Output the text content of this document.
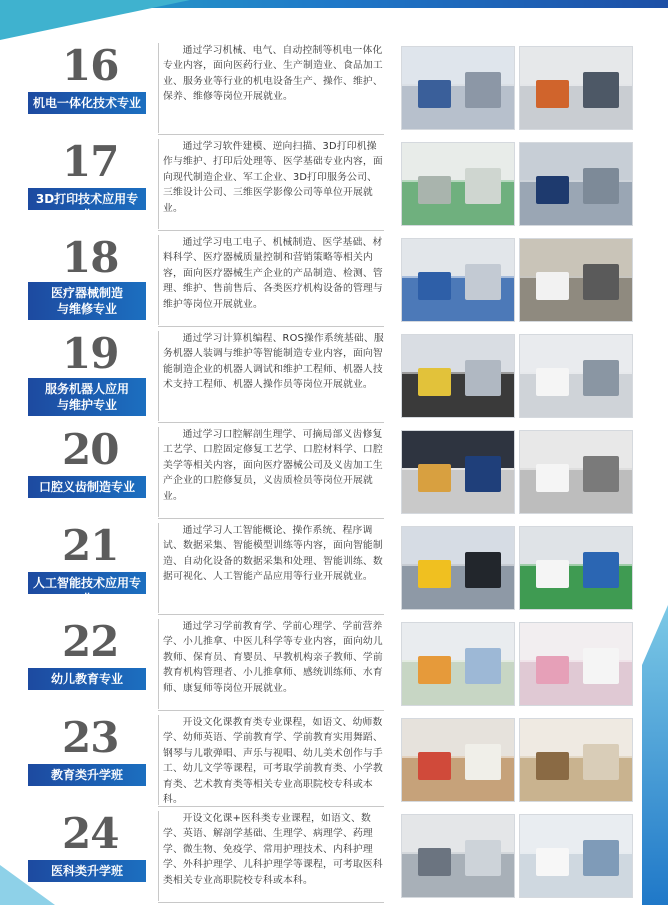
16
机电一体化技术专业
通过学习机械、电气、自动控制等机电一体化专业内容，面向医药行业、生产制造业、食品加工业、服务业等行业的机电设备生产、操作、维护、保养、维修等岗位开展就业。
17
3D打印技术应用专业
通过学习软件建模、逆向扫描、3D打印机操作与维护、打印后处理等、医学基础专业内容，面向现代制造企业、军工企业、3D打印服务公司、三维设计公司、三维医学影像公司等单位开展就业。
18
医疗器械制造
与维修专业
通过学习电工电子、机械制造、医学基础、材料科学、医疗器械质量控制和营销策略等相关内容，面向医疗器械生产企业的产品制造、检测、管理、维护、售前售后、各类医疗机构设备的管理与维护等岗位开展就业。
19
服务机器人应用
与维护专业
通过学习计算机编程、ROS操作系统基础、服务机器人装调与维护等智能制造专业内容，面向智能制造企业的机器人调试和维护工程师、机器人技术支持工程师、机器人操作员等岗位开展就业。
20
口腔义齿制造专业
通过学习口腔解剖生理学、可摘局部义齿修复工艺学、口腔固定修复工艺学、口腔材料学、口腔美学等相关内容，面向医疗器械公司及义齿加工生产企业的口腔修复员，义齿质检员等岗位开展就业。
21
人工智能技术应用专业
通过学习人工智能概论、操作系统、程序调试、数据采集、智能模型训练等内容，面向智能制造、自动化设备的数据采集和处理、智能训练、数据可视化、人工智能产品应用等行业开展就业。
22
幼儿教育专业
通过学习学前教育学、学前心理学、学前营养学、小儿推拿、中医儿科学等专业内容，面向幼儿教师、保育员、育婴员、早教机构亲子教师、学前教育机构管理者、小儿推拿师、感统训练师、水育师、康复师等岗位开展就业。
23
教育类升学班
开设文化课教育类专业课程，如语文、幼师数学、幼师英语、学前教育学、学前教育实用舞蹈、钢琴与儿歌弹唱、声乐与视唱、幼儿美术创作与手工、幼儿文学等课程，可考取学前教育类、小学教育类、艺术教育类等相关专业高职院校专科或本科。
24
医科类升学班
开设文化课+医科类专业课程，如语文、数学、英语、解剖学基础、生理学、病理学、药理学、微生物、免疫学、常用护理技术、内科护理学、外科护理学、儿科护理学等课程，可考取医科类相关专业高职院校专科或本科。
